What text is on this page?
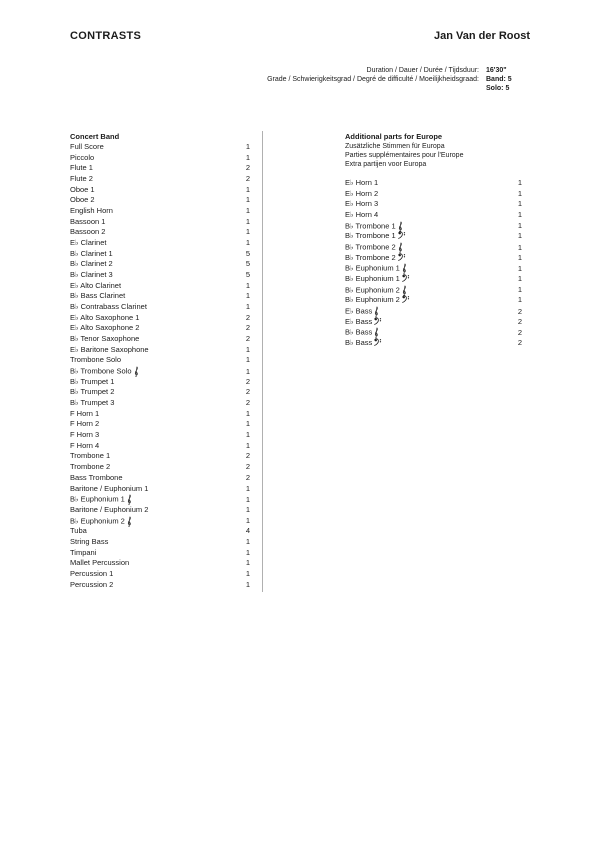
CONTRASTS	Jan Van der Roost
Duration / Dauer / Durée / Tijdsduur: 16'30"
Grade / Schwierigkeitsgrad / Degré de difficulté / Moeilijkheidsgraad: Band: 5
Solo: 5
Concert Band
Full Score	1
Piccolo	1
Flute 1	2
Flute 2	2
Oboe 1	1
Oboe 2	1
English Horn	1
Bassoon 1	1
Bassoon 2	1
E♭ Clarinet	1
B♭ Clarinet 1	5
B♭ Clarinet 2	5
B♭ Clarinet 3	5
E♭ Alto Clarinet	1
B♭ Bass Clarinet	1
B♭ Contrabass Clarinet	1
E♭ Alto Saxophone 1	2
E♭ Alto Saxophone 2	2
B♭ Tenor Saxophone	2
E♭ Baritone Saxophone	1
Trombone Solo	1
B♭ Trombone Solo	1
B♭ Trumpet 1	2
B♭ Trumpet 2	2
B♭ Trumpet 3	2
F Horn 1	1
F Horn 2	1
F Horn 3	1
F Horn 4	1
Trombone 1	2
Trombone 2	2
Bass Trombone	2
Baritone / Euphonium 1	1
B♭ Euphonium 1	1
Baritone / Euphonium 2	1
B♭ Euphonium 2	1
Tuba	4
String Bass	1
Timpani	1
Mallet Percussion	1
Percussion 1	1
Percussion 2	1
Additional parts for Europe
Zusätzliche Stimmen für Europa
Parties supplémentaires pour l'Europe
Extra partijen voor Europa
E♭ Horn 1	1
E♭ Horn 2	1
E♭ Horn 3	1
E♭ Horn 4	1
B♭ Trombone 1	1
B♭ Trombone 1	1
B♭ Trombone 2	1
B♭ Trombone 2	1
B♭ Euphonium 1	1
B♭ Euphonium 1	1
B♭ Euphonium 2	1
B♭ Euphonium 2	1
E♭ Bass	2
E♭ Bass	2
B♭ Bass	2
B♭ Bass	2
